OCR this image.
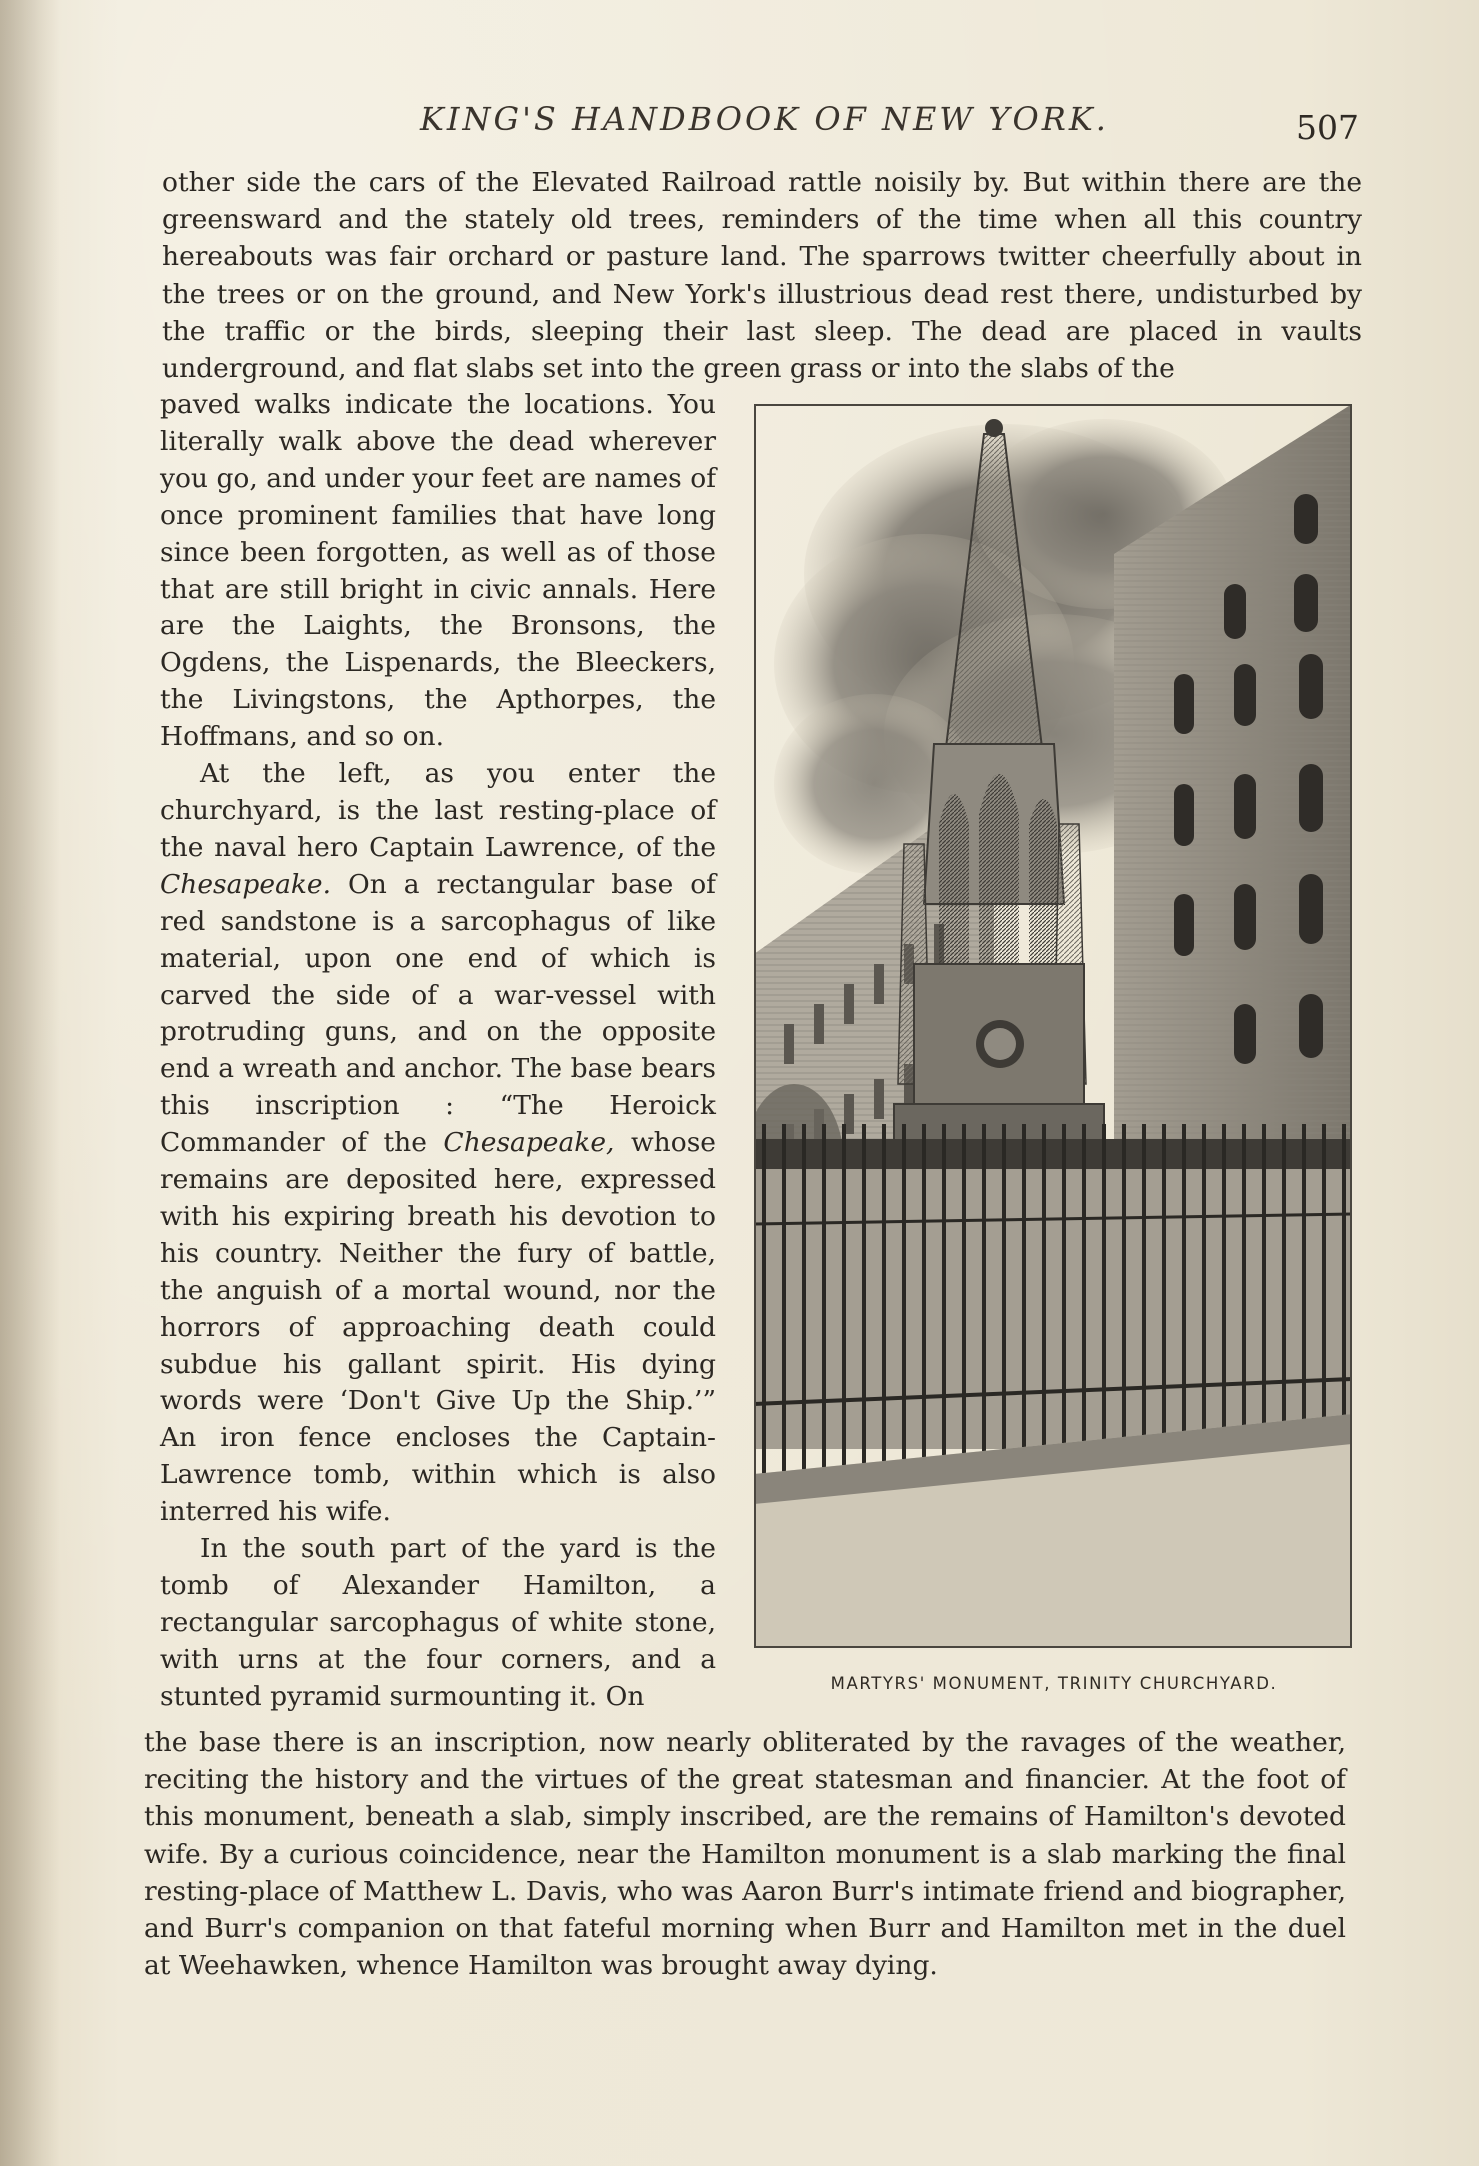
KING'S HANDBOOK OF NEW YORK.	507

other side the cars of the Elevated Railroad rattle noisily by. But within there are the greensward and the stately old trees, reminders of the time when all this country hereabouts was fair orchard or pasture land. The sparrows twitter cheerfully about in the trees or on the ground, and New York's illustrious dead rest there, undisturbed by the traffic or the birds, sleeping their last sleep. The dead are placed in vaults underground, and flat slabs set into the green grass or into the slabs of the

paved walks indicate the locations. You literally walk above the dead wherever you go, and under your feet are names of once prominent families that have long since been forgotten, as well as of those that are still bright in civic annals. Here are the Laights, the Bronsons, the Ogdens, the Lispenards, the Bleeckers, the Livingstons, the Apthorpes, the Hoffmans, and so on.

At the left, as you enter the churchyard, is the last resting-place of the naval hero Captain Lawrence, of the Chesapeake. On a rectangular base of red sandstone is a sarcophagus of like material, upon one end of which is carved the side of a war-vessel with protruding guns, and on the opposite end a wreath and anchor. The base bears this inscription : “The Heroick Commander of the Chesapeake, whose remains are deposited here, expressed with his expiring breath his devotion to his country. Neither the fury of battle, the anguish of a mortal wound, nor the horrors of approaching death could subdue his gallant spirit. His dying words were ‘Don't Give Up the Ship.’” An iron fence encloses the Captain-Lawrence tomb, within which is also interred his wife.

In the south part of the yard is the tomb of Alexander Hamilton, a rectangular sarcophagus of white stone, with urns at the four corners, and a stunted pyramid surmounting it. On	MARTYRS' MONUMENT, TRINITY CHURCHYARD.

the base there is an inscription, now nearly obliterated by the ravages of the weather, reciting the history and the virtues of the great statesman and financier. At the foot of this monument, beneath a slab, simply inscribed, are the remains of Hamilton's devoted wife. By a curious coincidence, near the Hamilton monument is a slab marking the final resting-place of Matthew L. Davis, who was Aaron Burr's intimate friend and biographer, and Burr's companion on that fateful morning when Burr and Hamilton met in the duel at Weehawken, whence Hamilton was brought away dying.
